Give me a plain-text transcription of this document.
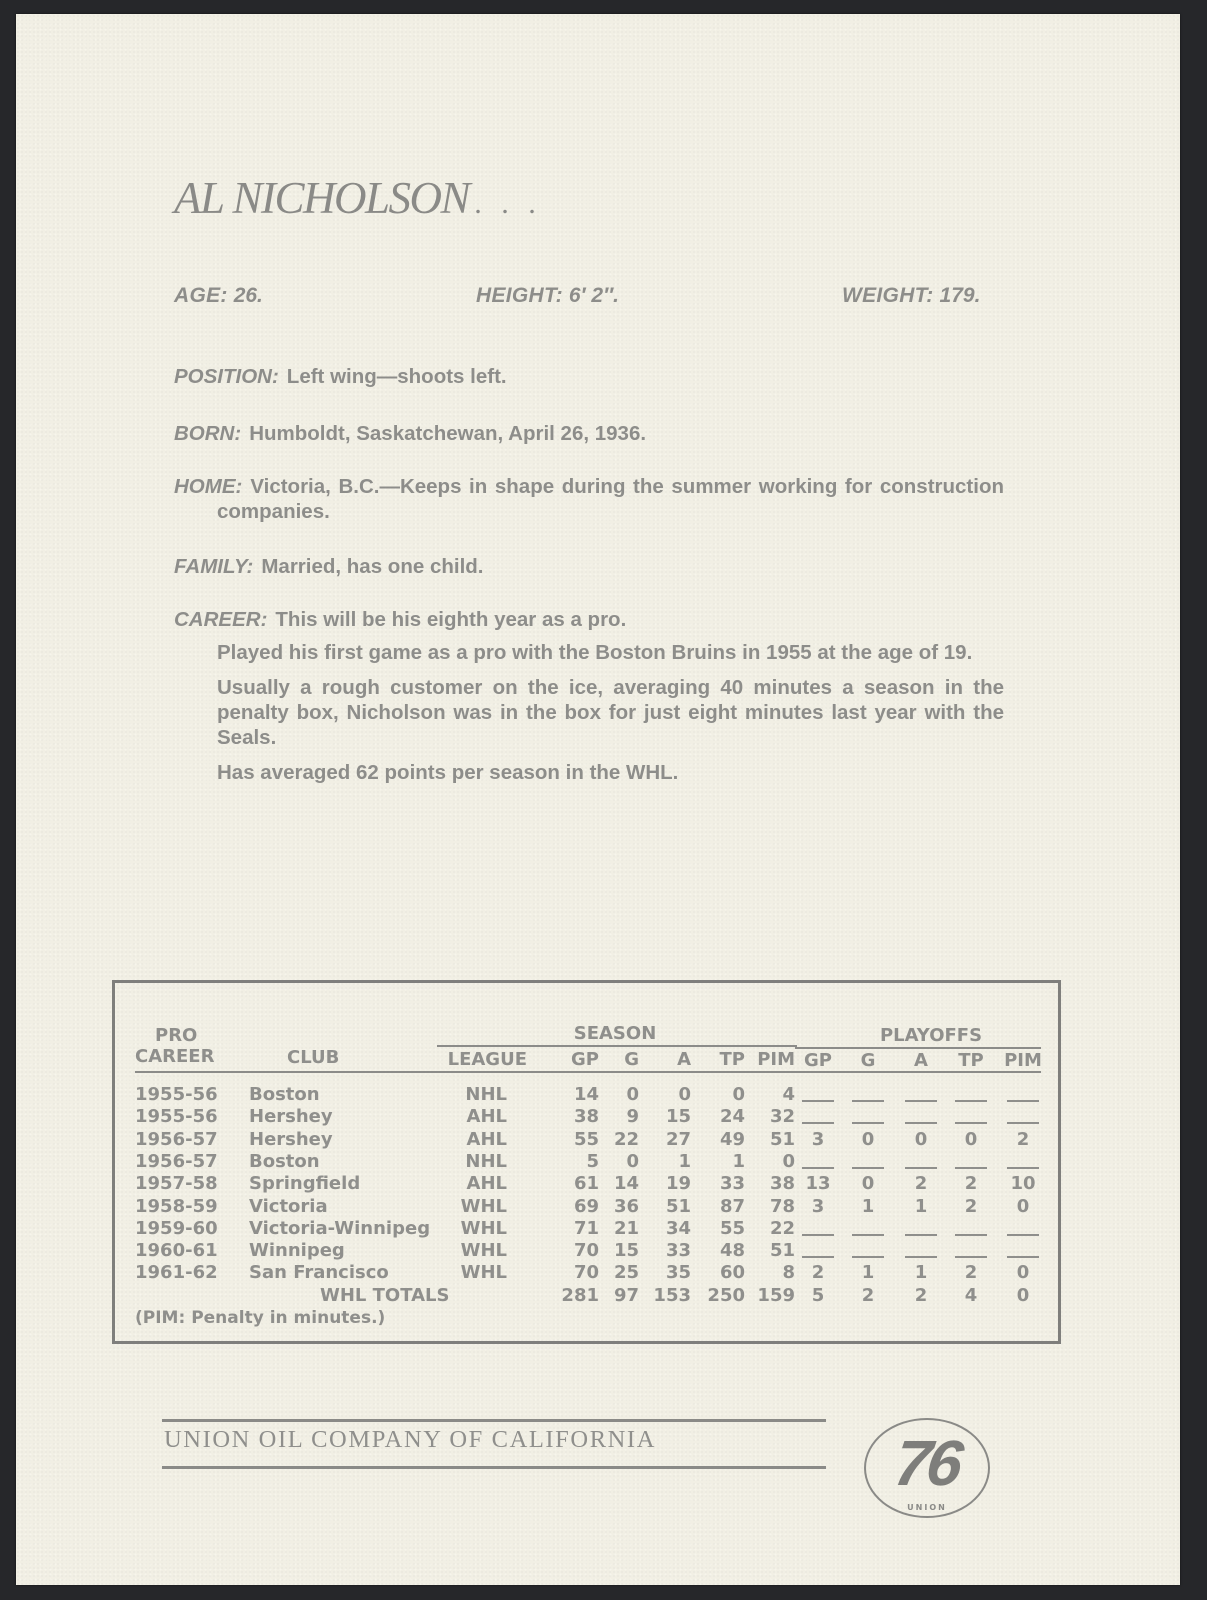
AL NICHOLSON . . .
AGE: 26.	HEIGHT: 6′ 2″.	WEIGHT: 179.
POSITION: Left wing—shoots left.
BORN: Humboldt, Saskatchewan, April 26, 1936.
HOME: Victoria, B.C.—Keeps in shape during the summer working for construction companies.
FAMILY: Married, has one child.
CAREER: This will be his eighth year as a pro.
Played his first game as a pro with the Boston Bruins in 1955 at the age of 19.
Usually a rough customer on the ice, averaging 40 minutes a season in the penalty box, Nicholson was in the box for just eight minutes last year with the Seals.
Has averaged 62 points per season in the WHL.
PRO
CAREER	CLUB
SEASON	PLAYOFFS
LEAGUE	GP	G	A	TP PIM GP	G	A	TP	PIM
1955-56 Boston	NHL	14	0	0	0	4
1955-56 Hershey	AHL	38	9	15	24	32
1956-57 Hershey	AHL	55 22	27	49	51 3	0	0	0	2
1956-57 Boston	NHL	5	0	1	1	0
1957-58 Springfield	AHL	61 14	19	33	38 13	0	2	2	10
1958-59 Victoria	WHL	69 36	51	87	78 3	1	1	2	0
1959-60 Victoria-Winnipeg	WHL	71 21	34	55	22
1960-61 Winnipeg	WHL	70 15	33	48	51
1961-62 San Francisco	WHL	70 25	35	60	8 2	1	1	2	0
WHL TOTALS	281 97 153 250 159 5	2	2	4	0
(PIM: Penalty in minutes.)
UNION OIL COMPANY OF CALIFORNIA	76
UNION
